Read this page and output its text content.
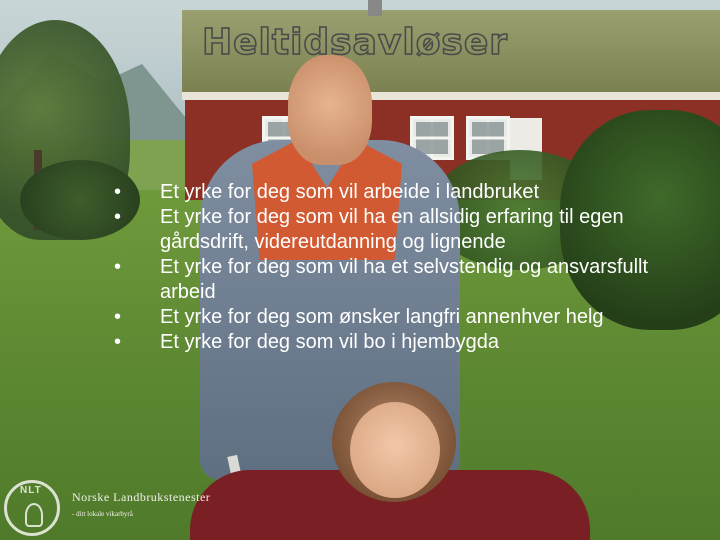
Heltidsavløser
• Et yrke for deg som vil arbeide i landbruket
• Et yrke for deg som vil ha en allsidig erfaring til egen gårdsdrift, videreutdanning og lignende
• Et yrke for deg som vil ha et selvstendig og ansvarsfullt arbeid
• Et yrke for deg som ønsker langfri annenhver helg
• Et yrke for deg som vil bo i hjembygda
NLT	Norske Landbrukstenester
- ditt lokale vikarbyrå
